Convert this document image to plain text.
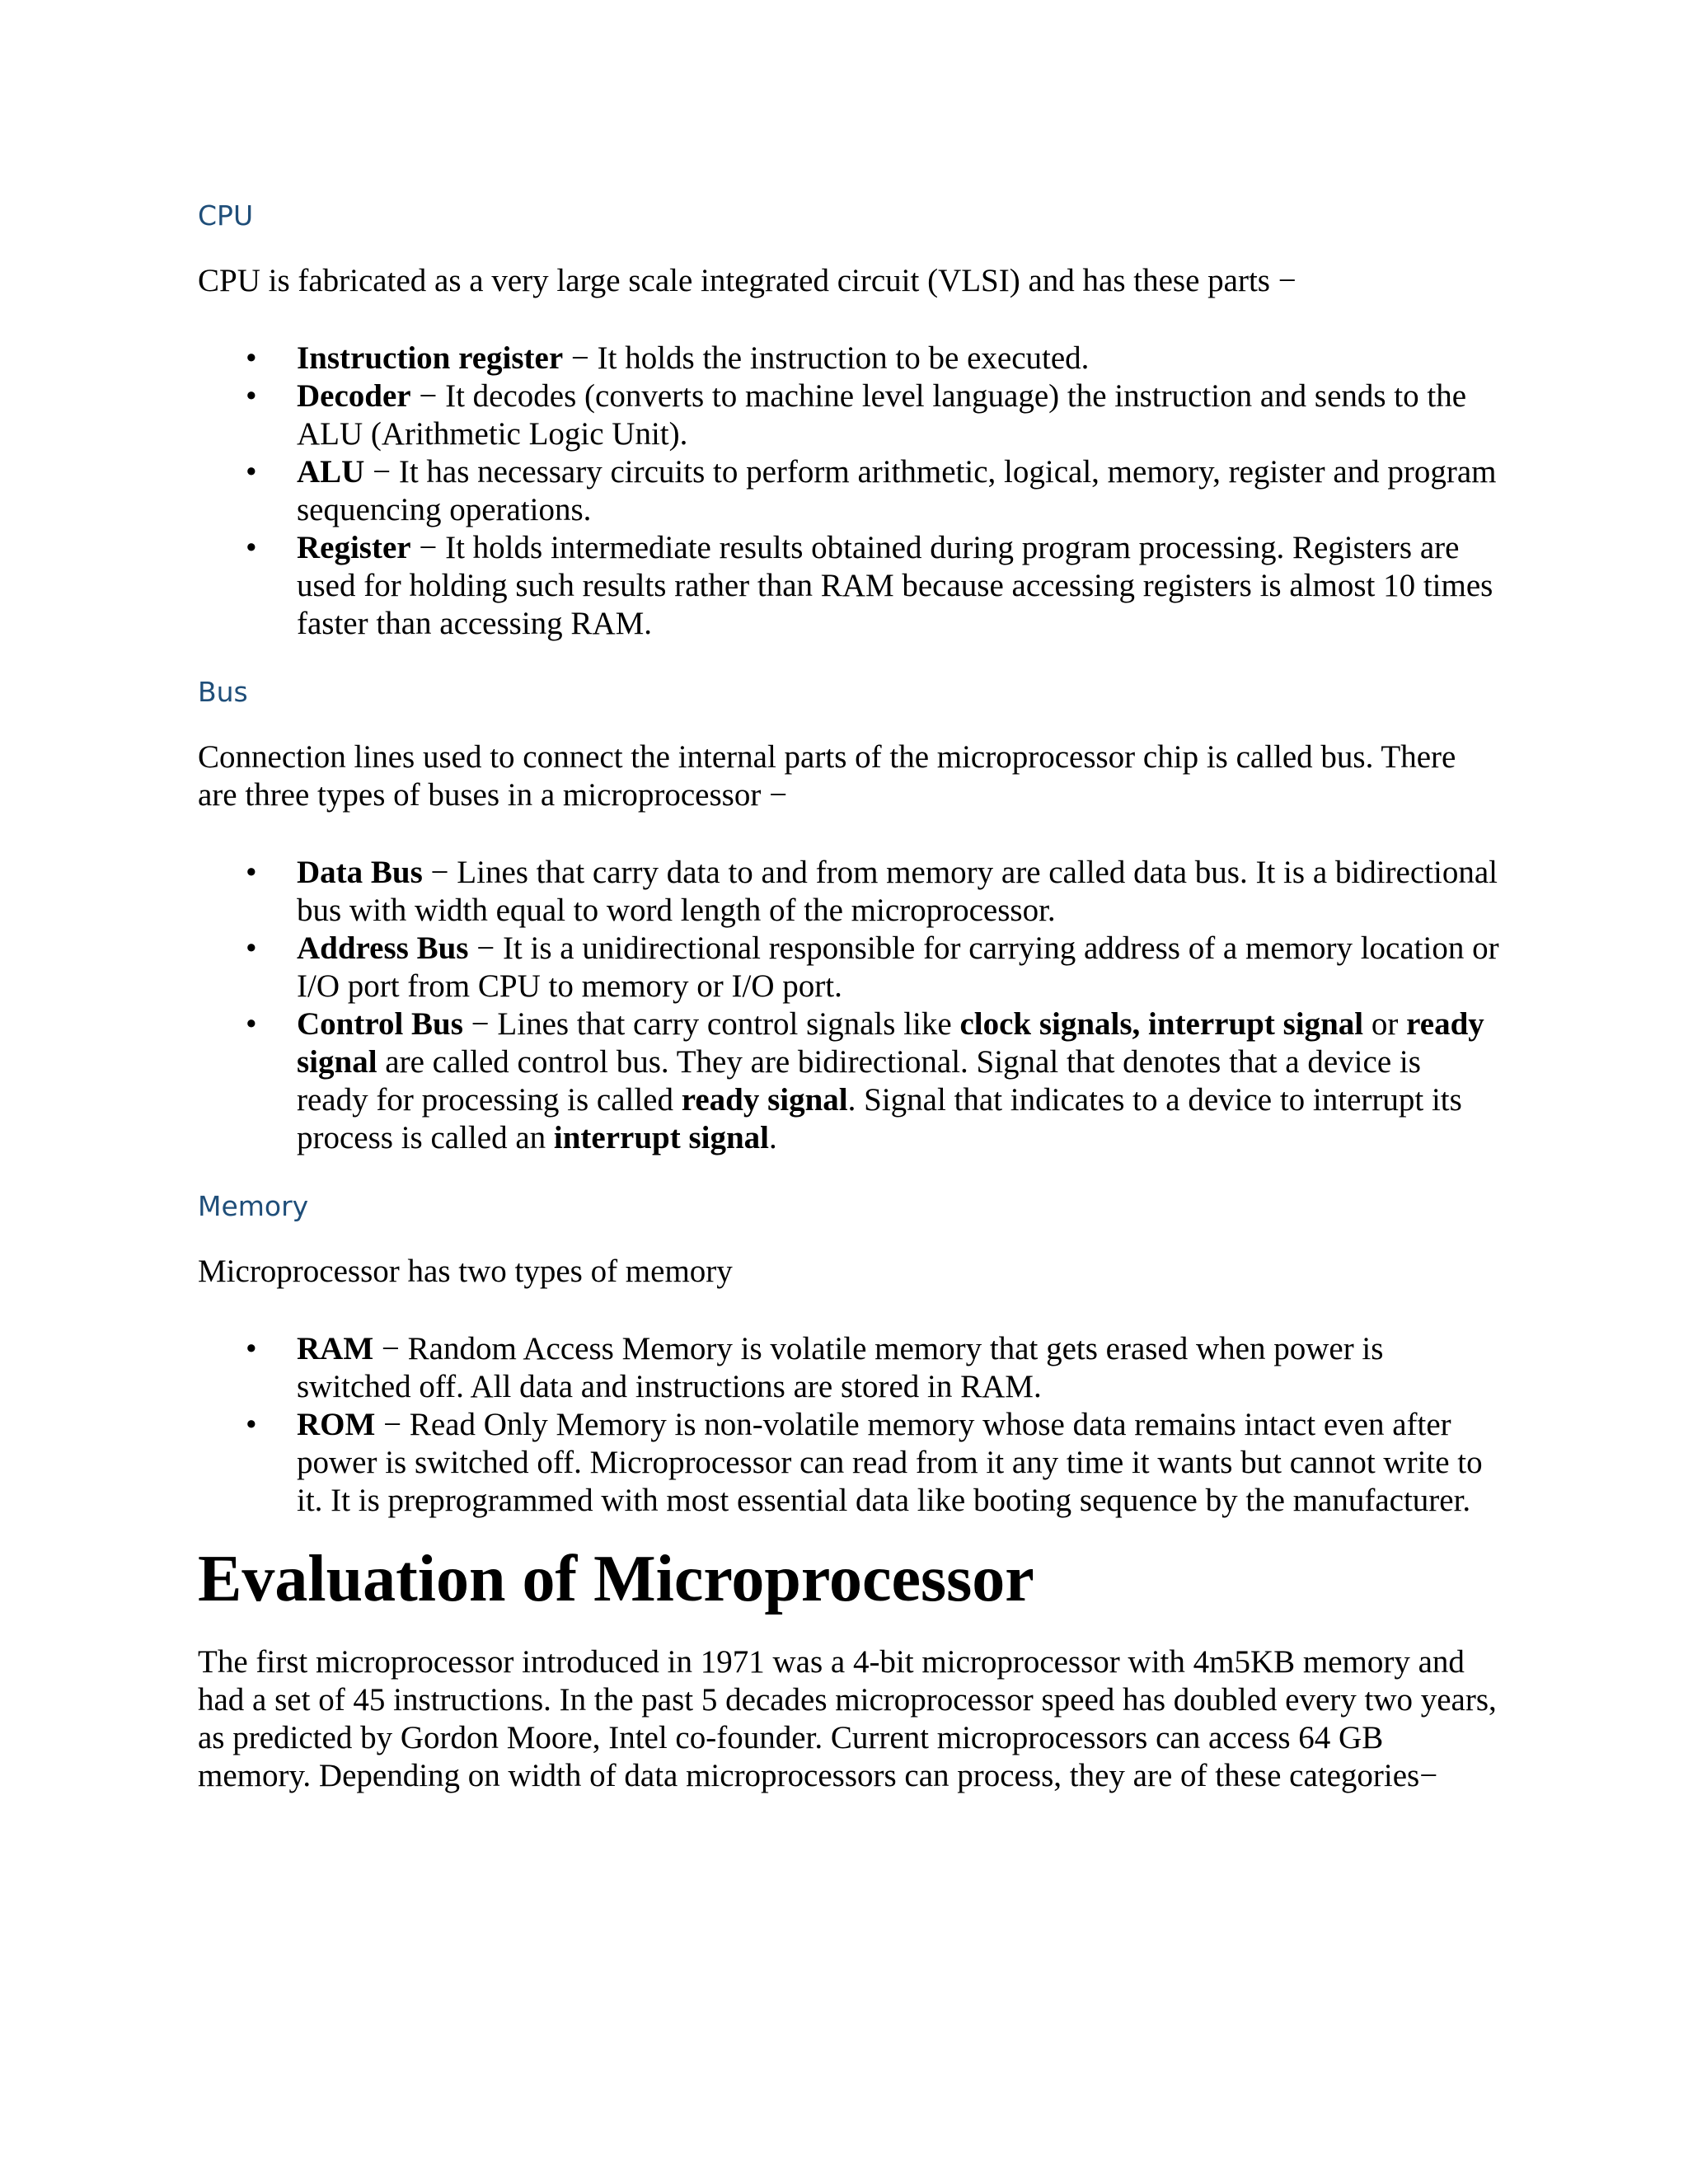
CPU

CPU is fabricated as a very large scale integrated circuit (VLSI) and has these parts −

• Instruction register − It holds the instruction to be executed.
• Decoder − It decodes (converts to machine level language) the instruction and sends to the ALU (Arithmetic Logic Unit).
• ALU − It has necessary circuits to perform arithmetic, logical, memory, register and program sequencing operations.
• Register − It holds intermediate results obtained during program processing. Registers are used for holding such results rather than RAM because accessing registers is almost 10 times faster than accessing RAM.
Bus

Connection lines used to connect the internal parts of the microprocessor chip is called bus. There are three types of buses in a microprocessor −

• Data Bus − Lines that carry data to and from memory are called data bus. It is a bidirectional bus with width equal to word length of the microprocessor.
• Address Bus − It is a unidirectional responsible for carrying address of a memory location or I/O port from CPU to memory or I/O port.
• Control Bus − Lines that carry control signals like clock signals, interrupt signal or ready signal are called control bus. They are bidirectional. Signal that denotes that a device is ready for processing is called ready signal. Signal that indicates to a device to interrupt its process is called an interrupt signal.
Memory

Microprocessor has two types of memory

• RAM − Random Access Memory is volatile memory that gets erased when power is switched off. All data and instructions are stored in RAM.
• ROM − Read Only Memory is non-volatile memory whose data remains intact even after power is switched off. Microprocessor can read from it any time it wants but cannot write to it. It is preprogrammed with most essential data like booting sequence by the manufacturer.
Evaluation of Microprocessor

The first microprocessor introduced in 1971 was a 4-bit microprocessor with 4m5KB memory and had a set of 45 instructions. In the past 5 decades microprocessor speed has doubled every two years, as predicted by Gordon Moore, Intel co-founder. Current microprocessors can access 64 GB memory. Depending on width of data microprocessors can process, they are of these categories−
